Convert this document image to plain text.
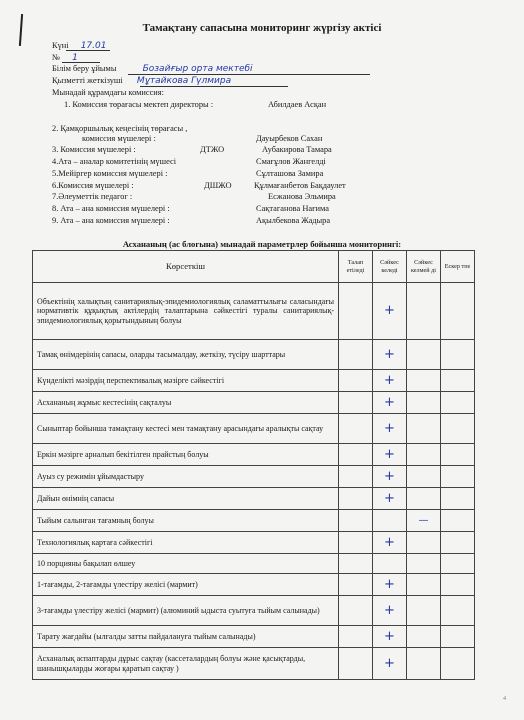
Тамақтану сапасына мониторинг жүргізу актісі
Күні 17.01
№ 1
Білім беру ұйымы	Бозайғыр орта мектебі
Қызметті жеткізуші Мұтайкова Гүлмира
Мынадай құрамдағы комиссия:
1. Комиссия төрағасы мектеп директоры :	Абилдаев Асқан
2. Қамқоршылық кеңесінің төрағасы ,
комиссия мүшелері :	Дауырбеков Сахан
3. Комиссия мүшелері :	ДТЖО	Аубакирова Тамара
4.Ата – аналар комитетінің мүшесі	Смағұлов Жангелді
5.Мейіргер комиссия мүшелері :	Сұлташова Замира
6.Комиссия мүшелері :	ДШЖО	Құлмағанбетов Бақдаулет
7.Әлеуметтік педагог :	Есжанова Эльмира
8. Ата – ана комиссия мүшелері :	Сақтаганова Нағима
9. Ата – ана комиссия мүшелері :	Ақылбекова Жадыра
Асхананың (ас блогына) мынадай параметрлер бойынша мониторингі:
Көрсеткіш	Талап етіледі	Сәйкес келеді	Сәйкес келмей ді	Ескер тпе
Объектінің халықтың санитариялық-эпидемиологиялық саламаттылығы саласындағы нормативтік құқықтық актілердің талаптарына сәйкестігі туралы санитариялық-эпидемиологиялық қорытындының болуы		+		
Тамақ өнімдерінің сапасы, оларды тасымалдау, жеткізу, түсіру шарттары		+		
Күнделікті мәзірдің перспективалық мәзірге сәйкестігі		+		
Асхананың жұмыс кестесінің сақталуы		+		
Сыныптар бойынша тамақтану кестесі мен тамақтану арасындағы аралықты сақтау		+		
Еркін мәзірге арналып бекітілген прайстың болуы		+		
Ауыз су режимін ұйымдастыру		+		
Дайын өнімнің сапасы		+		
Тыйым салынған тағамның болуы			—	
Технологиялық картаға сәйкестігі		+		
10 порцияны бақылап өлшеу				
1-тағамды, 2-тағамды үлестіру желісі (мармит)		+		
3-тағамды үлестіру желісі (мармит) (алюминий ыдыста суытуға тыйым салынады)		+		
Тарату жағдайы (ылғалды затты пайдалануға тыйым салынады)		+		
Асханалық аспаптарды дұрыс сақтау (кассеталардың болуы және қасықтарды, шанышқыларды жоғары қаратып сақтау )		+		
4
